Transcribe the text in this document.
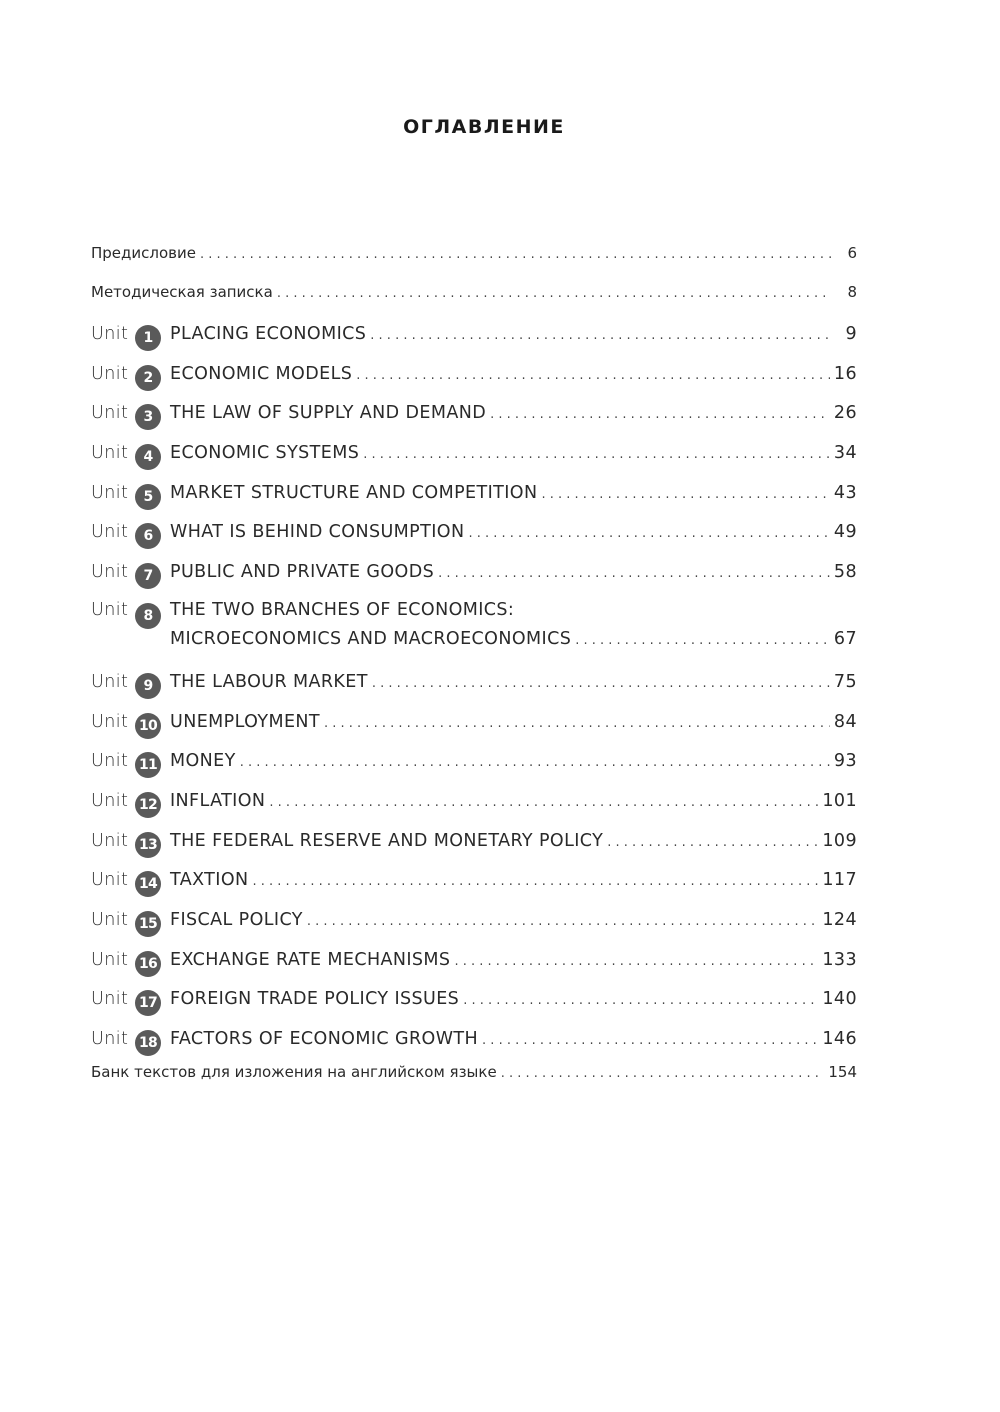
ОГЛАВЛЕНИЕ
Предисловие . . .	6
Методическая записка . . .	8
Unit	1	PLACING ECONOMICS . . .	9
Unit	2	ECONOMIC MODELS . . .	16
Unit	3	THE LAW OF SUPPLY AND DEMAND . . .	26
Unit	4	ECONOMIC SYSTEMS . . .	34
Unit	5	MARKET STRUCTURE AND COMPETITION . . .	43
Unit	6	WHAT IS BEHIND CONSUMPTION . . .	49
Unit	7	PUBLIC AND PRIVATE GOODS . . .	58
Unit	8	THE TWO BRANCHES OF ECONOMICS:
MICROECONOMICS AND MACROECONOMICS . . .	67
Unit	9	THE LABOUR MARKET . . .	75
Unit 10 UNEMPLOYMENT . . .	84
Unit 11 MONEY . . .	93
Unit 12 INFLATION . . .	101
Unit 13 THE FEDERAL RESERVE AND MONETARY POLICY . . .	109
Unit 14 TAXTION . . .	117
Unit 15 FISCAL POLICY . . .	124
Unit 16 EXCHANGE RATE MECHANISMS . . .	133
Unit 17 FOREIGN TRADE POLICY ISSUES . . .	140
Unit 18 FACTORS OF ECONOMIC GROWTH . . .	146
Банк текстов для изложения на английском языке . . .	154
